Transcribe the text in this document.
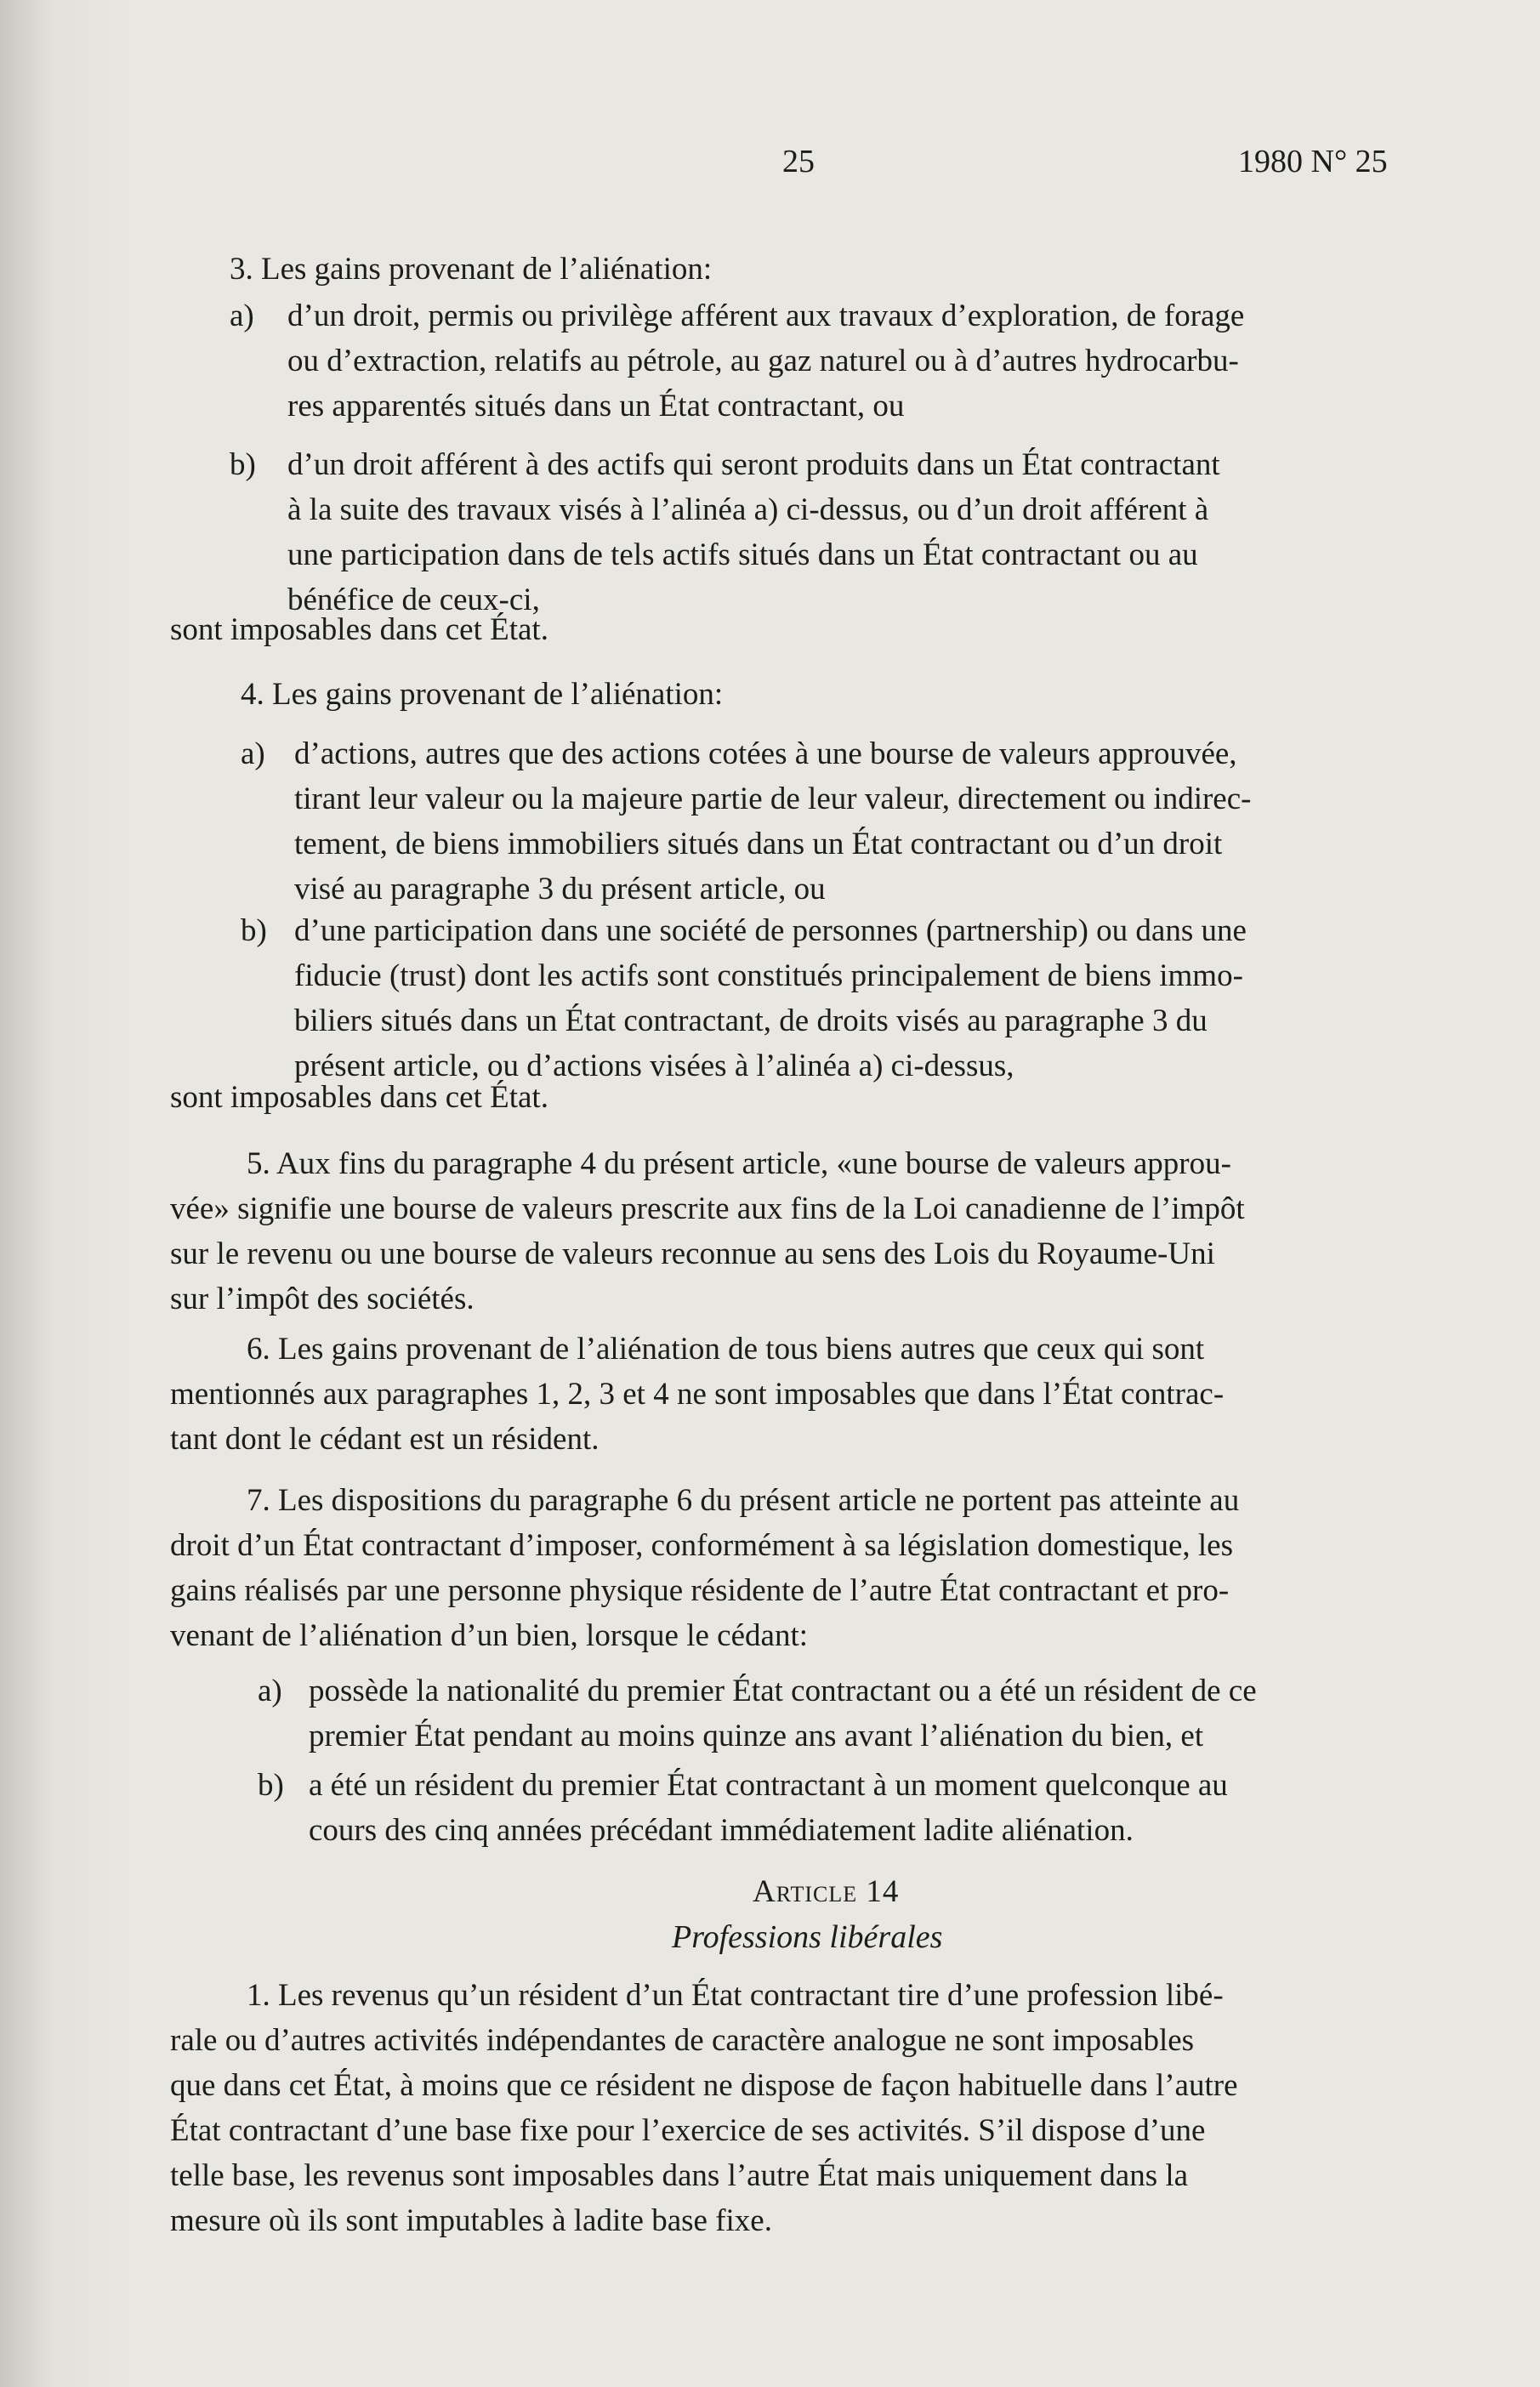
25	1980 N° 25
3. Les gains provenant de l’aliénation:
a) d’un droit, permis ou privilège afférent aux travaux d’exploration, de forage
ou d’extraction, relatifs au pétrole, au gaz naturel ou à d’autres hydrocarbu-
res apparentés situés dans un État contractant, ou
b) d’un droit afférent à des actifs qui seront produits dans un État contractant
à la suite des travaux visés à l’alinéa a) ci-dessus, ou d’un droit afférent à
une participation dans de tels actifs situés dans un État contractant ou au
bénéfice de ceux-ci,
sont imposables dans cet État.
4. Les gains provenant de l’aliénation:
a) d’actions, autres que des actions cotées à une bourse de valeurs approuvée,
tirant leur valeur ou la majeure partie de leur valeur, directement ou indirec-
tement, de biens immobiliers situés dans un État contractant ou d’un droit
visé au paragraphe 3 du présent article, ou
b) d’une participation dans une société de personnes (partnership) ou dans une
fiducie (trust) dont les actifs sont constitués principalement de biens immo-
biliers situés dans un État contractant, de droits visés au paragraphe 3 du
présent article, ou d’actions visées à l’alinéa a) ci-dessus,
sont imposables dans cet État.
5. Aux fins du paragraphe 4 du présent article, «une bourse de valeurs approu-
vée» signifie une bourse de valeurs prescrite aux fins de la Loi canadienne de l’impôt
sur le revenu ou une bourse de valeurs reconnue au sens des Lois du Royaume-Uni
sur l’impôt des sociétés.
6. Les gains provenant de l’aliénation de tous biens autres que ceux qui sont
mentionnés aux paragraphes 1, 2, 3 et 4 ne sont imposables que dans l’État contrac-
tant dont le cédant est un résident.
7. Les dispositions du paragraphe 6 du présent article ne portent pas atteinte au
droit d’un État contractant d’imposer, conformément à sa législation domestique, les
gains réalisés par une personne physique résidente de l’autre État contractant et pro-
venant de l’aliénation d’un bien, lorsque le cédant:
a) possède la nationalité du premier État contractant ou a été un résident de ce
premier État pendant au moins quinze ans avant l’aliénation du bien, et
b) a été un résident du premier État contractant à un moment quelconque au
cours des cinq années précédant immédiatement ladite aliénation.
Article 14
Professions libérales
1. Les revenus qu’un résident d’un État contractant tire d’une profession libé-
rale ou d’autres activités indépendantes de caractère analogue ne sont imposables
que dans cet État, à moins que ce résident ne dispose de façon habituelle dans l’autre
État contractant d’une base fixe pour l’exercice de ses activités. S’il dispose d’une
telle base, les revenus sont imposables dans l’autre État mais uniquement dans la
mesure où ils sont imputables à ladite base fixe.
